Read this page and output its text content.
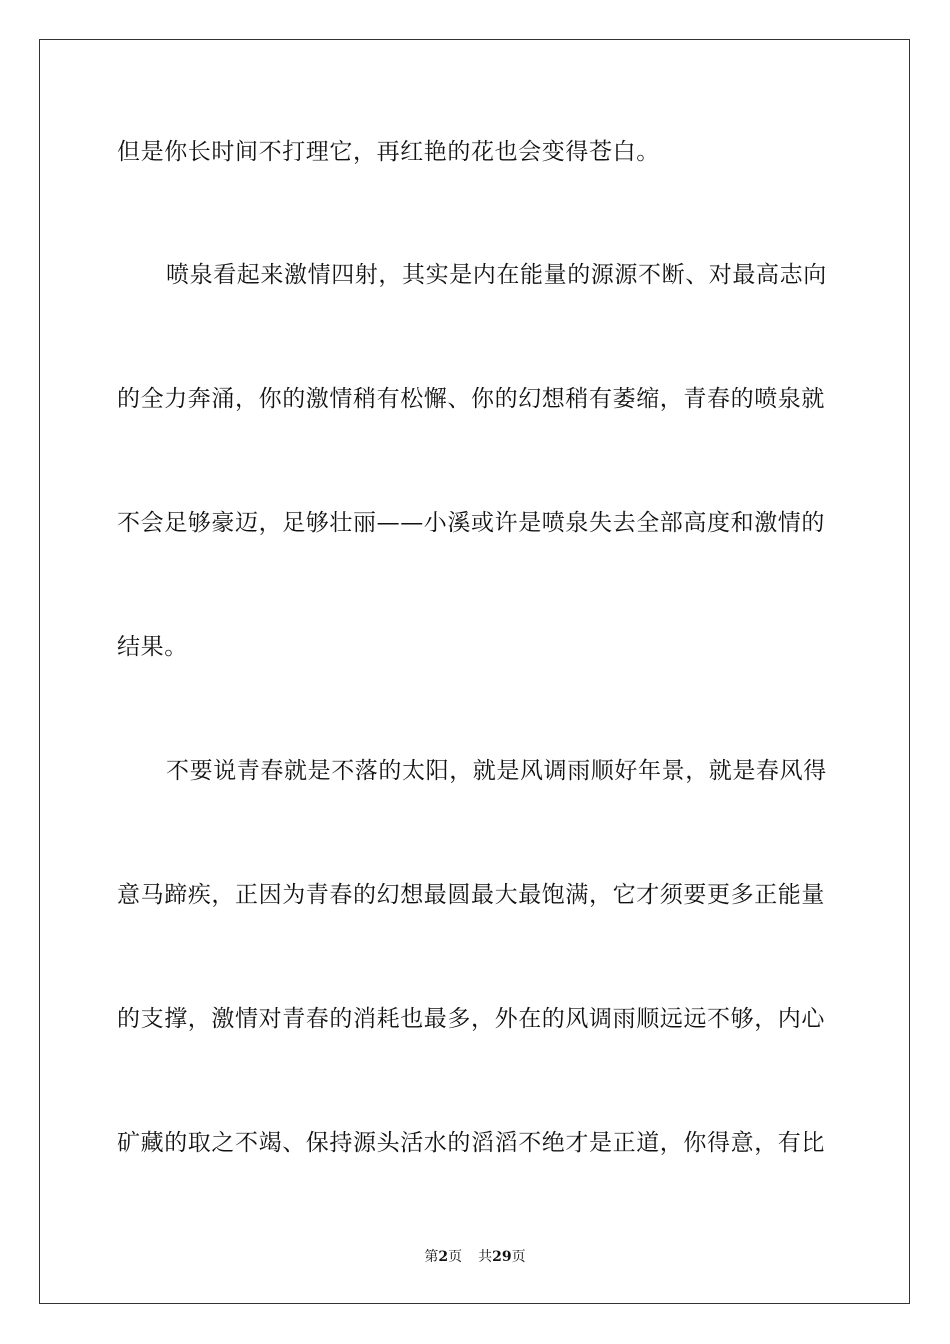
但是你长时间不打理它，再红艳的花也会变得苍白。
喷泉看起来激情四射，其实是内在能量的源源不断、对最高志向
的全力奔涌，你的激情稍有松懈、你的幻想稍有萎缩，青春的喷泉就
不会足够豪迈，足够壮丽——小溪或许是喷泉失去全部高度和激情的
结果。
不要说青春就是不落的太阳，就是风调雨顺好年景，就是春风得
意马蹄疾，正因为青春的幻想最圆最大最饱满，它才须要更多正能量
的支撑，激情对青春的消耗也最多，外在的风调雨顺远远不够，内心
矿藏的取之不竭、保持源头活水的滔滔不绝才是正道，你得意，有比
第2页 共29页
